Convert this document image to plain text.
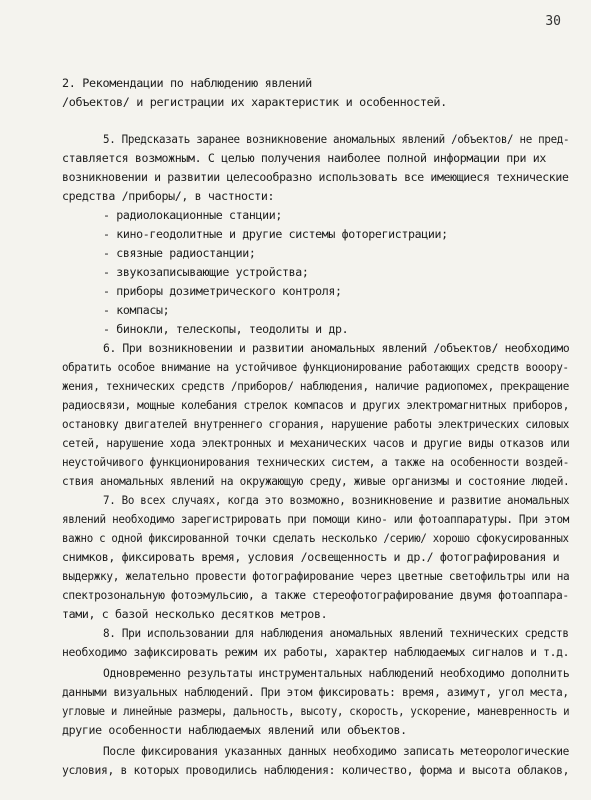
30
2. Рекомендации по наблюдению явлений
/объектов/ и регистрации их характеристик и особенностей.
5. Предсказать заранее возникновение аномальных явлений /объектов/ не пред-
ставляется возможным. С целью получения наиболее полной информации при их
возникновении и развитии целесообразно использовать все имеющиеся технические
средства /приборы/, в частности:
- радиолокационные станции;
- кино-геодолитные и другие системы фоторегистрации;
- связные радиостанции;
- звукозаписывающие устройства;
- приборы дозиметрического контроля;
- компасы;
- бинокли, телескопы, теодолиты и др.
6. При возникновении и развитии аномальных явлений /объектов/ необходимо
обратить особое внимание на устойчивое функционирование работающих средств вооору-
жения, технических средств /приборов/ наблюдения, наличие радиопомех, прекращение
радиосвязи, мощные колебания стрелок компасов и других электромагнитных приборов,
остановку двигателей внутреннего сгорания, нарушение работы электрических силовых
сетей, нарушение хода электронных и механических часов и другие виды отказов или
неустойчивого функционирования технических систем, а также на особенности воздей-
ствия аномальных явлений на окружающую среду, живые организмы и состояние людей.
7. Во всех случаях, когда это возможно, возникновение и развитие аномальных
явлений необходимо зарегистрировать при помощи кино- или фотоаппаратуры. При этом
важно с одной фиксированной точки сделать несколько /серию/ хорошо сфокусированных
снимков, фиксировать время, условия /освещенность и др./ фотографирования и
выдержку, желательно провести фотографирование через цветные светофильтры или на
спектрозональную фотоэмульсию, а также стереофотографирование двумя фотоаппара-
тами, с базой несколько десятков метров.
8. При использовании для наблюдения аномальных явлений технических средств
необходимо зафиксировать режим их работы, характер наблюдаемых сигналов и т.д.
Одновременно результаты инструментальных наблюдений необходимо дополнить
данными визуальных наблюдений. При этом фиксировать: время, азимут, угол места,
угловые и линейные размеры, дальность, высоту, скорость, ускорение, маневренность и
другие особенности наблюдаемых явлений или объектов.
После фиксирования указанных данных необходимо записать метеорологические
условия, в которых проводились наблюдения: количество, форма и высота облаков,
